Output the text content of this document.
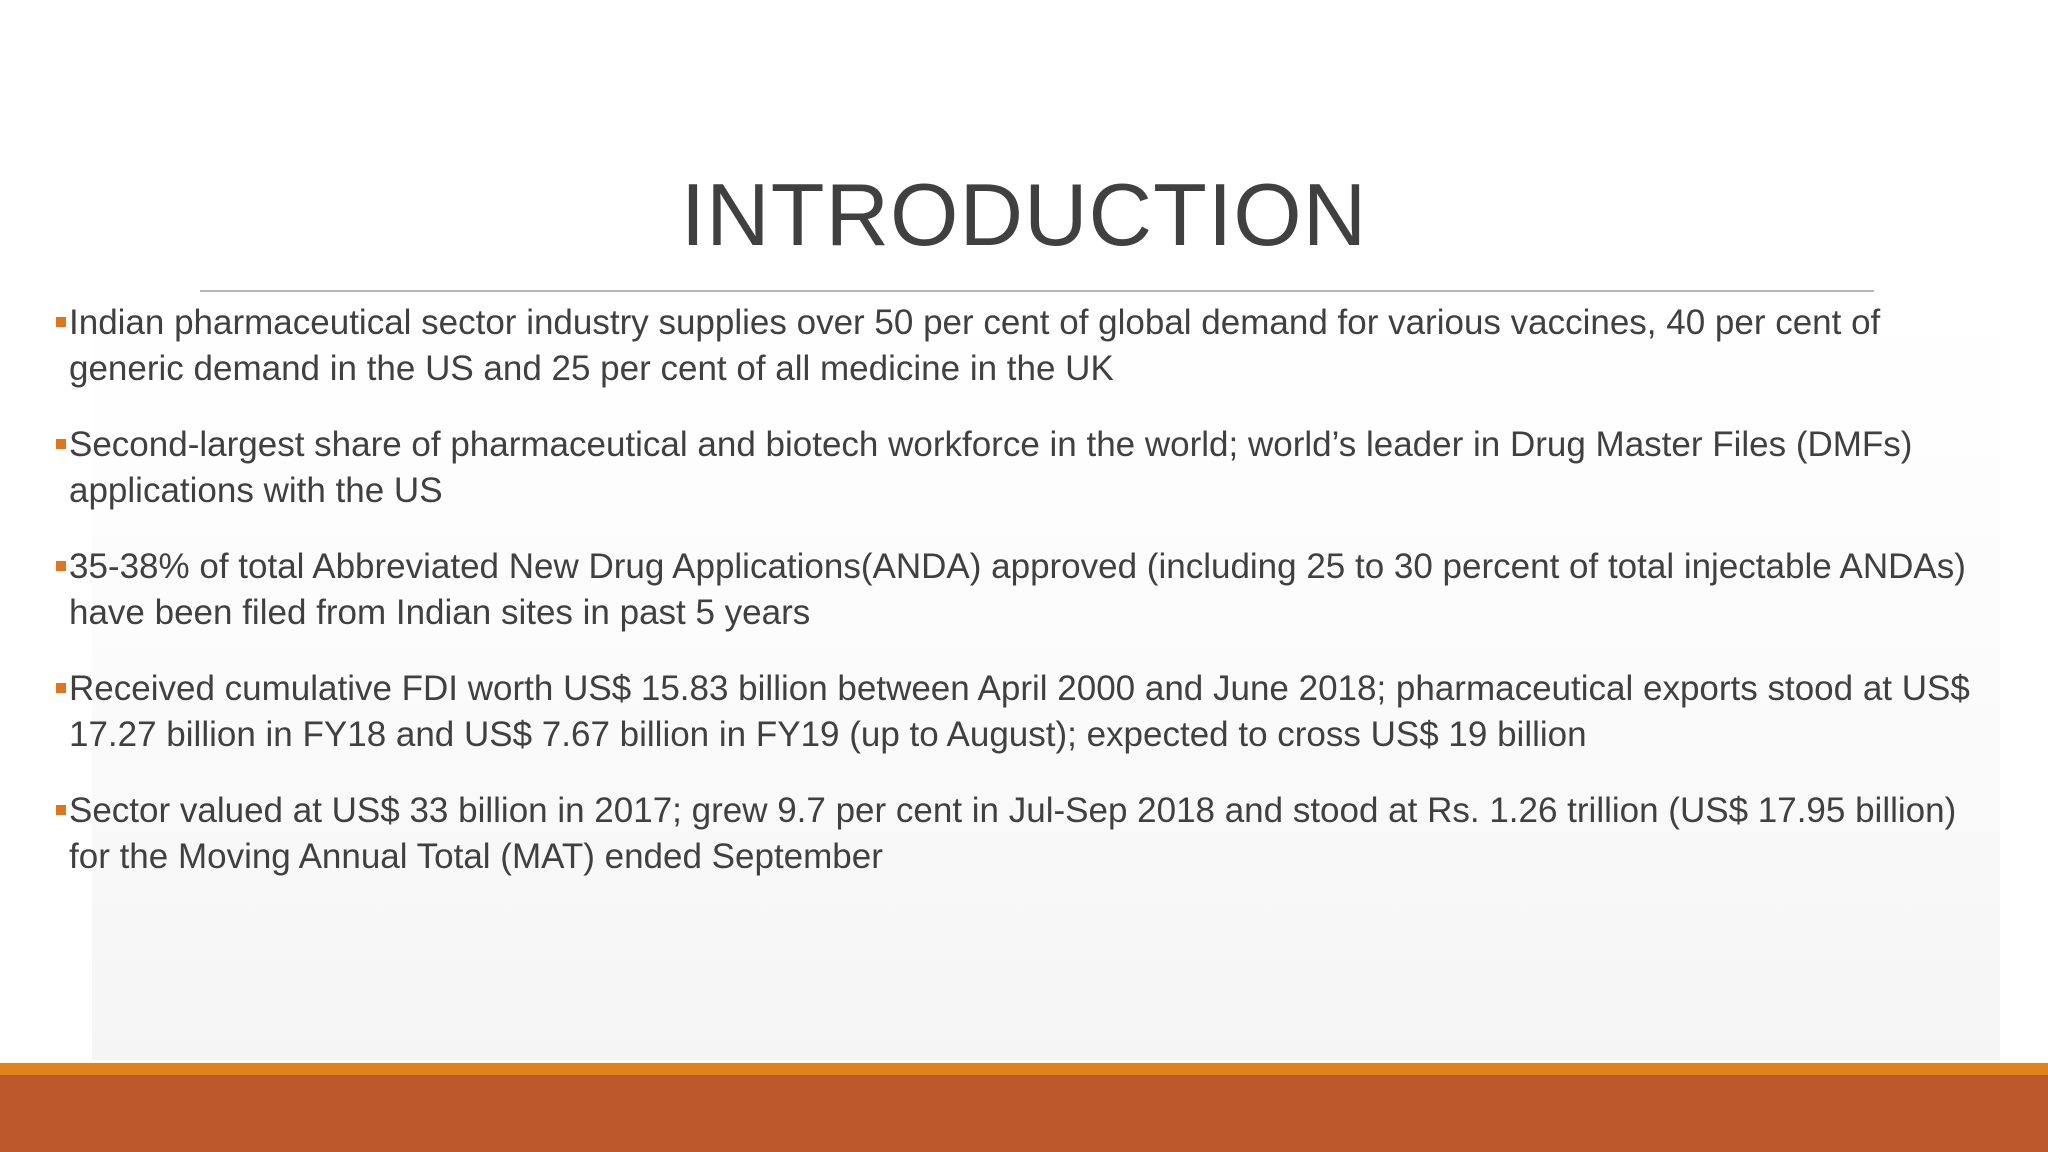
INTRODUCTION
Indian pharmaceutical sector industry supplies over 50 per cent of global demand for various vaccines, 40 per cent of generic demand in the US and 25 per cent of all medicine in the UK
Second-largest share of pharmaceutical and biotech workforce in the world; world’s leader in Drug Master Files (DMFs) applications with the US
35-38% of total Abbreviated New Drug Applications(ANDA) approved (including 25 to 30 percent of total injectable ANDAs) have been filed from Indian sites in past 5 years
Received cumulative FDI worth US$ 15.83 billion between April 2000 and June 2018; pharmaceutical exports stood at US$ 17.27 billion in FY18 and US$ 7.67 billion in FY19 (up to August); expected to cross US$ 19 billion
Sector valued at US$ 33 billion in 2017; grew 9.7 per cent in Jul-Sep 2018 and stood at Rs. 1.26 trillion (US$ 17.95 billion) for the Moving Annual Total (MAT) ended September
